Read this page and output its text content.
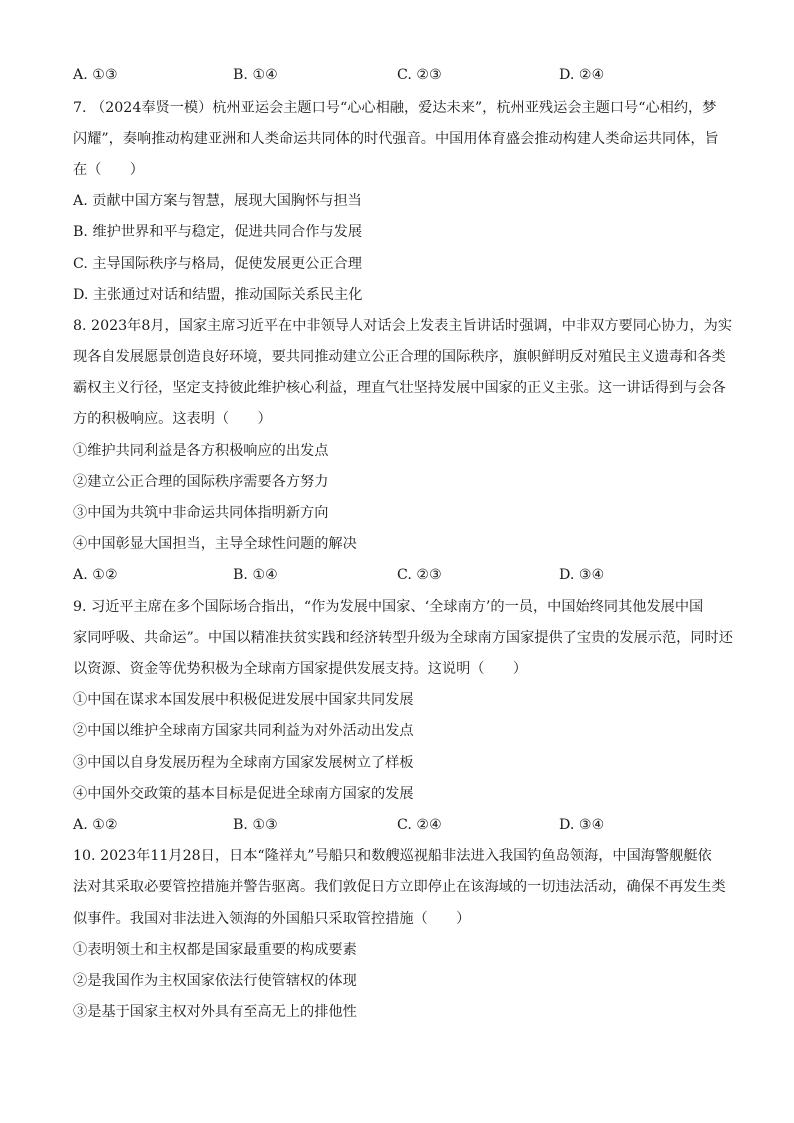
A. ①③	B. ①④	C. ②③	D. ②④
7. （2024奉贤一模）杭州亚运会主题口号“心心相融，爱达未来”，杭州亚残运会主题口号“心相约，梦
闪耀”，奏响推动构建亚洲和人类命运共同体的时代强音。中国用体育盛会推动构建人类命运共同体，旨
在（　　）
A. 贡献中国方案与智慧，展现大国胸怀与担当
B. 维护世界和平与稳定，促进共同合作与发展
C. 主导国际秩序与格局，促使发展更公正合理
D. 主张通过对话和结盟，推动国际关系民主化
8. 2023年8月，国家主席习近平在中非领导人对话会上发表主旨讲话时强调，中非双方要同心协力，为实
现各自发展愿景创造良好环境，要共同推动建立公正合理的国际秩序，旗帜鲜明反对殖民主义遗毒和各类
霸权主义行径，坚定支持彼此维护核心利益，理直气壮坚持发展中国家的正义主张。这一讲话得到与会各
方的积极响应。这表明（　　）
①维护共同利益是各方积极响应的出发点
②建立公正合理的国际秩序需要各方努力
③中国为共筑中非命运共同体指明新方向
④中国彰显大国担当，主导全球性问题的解决
A. ①②	B. ①④	C. ②③	D. ③④
9. 习近平主席在多个国际场合指出，“作为发展中国家、‘全球南方’的一员，中国始终同其他发展中国
家同呼吸、共命运”。中国以精准扶贫实践和经济转型升级为全球南方国家提供了宝贵的发展示范，同时还
以资源、资金等优势积极为全球南方国家提供发展支持。这说明（　　）
①中国在谋求本国发展中积极促进发展中国家共同发展
②中国以维护全球南方国家共同利益为对外活动出发点
③中国以自身发展历程为全球南方国家发展树立了样板
④中国外交政策的基本目标是促进全球南方国家的发展
A. ①②	B. ①③	C. ②④	D. ③④
10. 2023年11月28日，日本“隆祥丸”号船只和数艘巡视船非法进入我国钓鱼岛领海，中国海警舰艇依
法对其采取必要管控措施并警告驱离。我们敦促日方立即停止在该海域的一切违法活动，确保不再发生类
似事件。我国对非法进入领海的外国船只采取管控措施（　　）
①表明领土和主权都是国家最重要的构成要素
②是我国作为主权国家依法行使管辖权的体现
③是基于国家主权对外具有至高无上的排他性
